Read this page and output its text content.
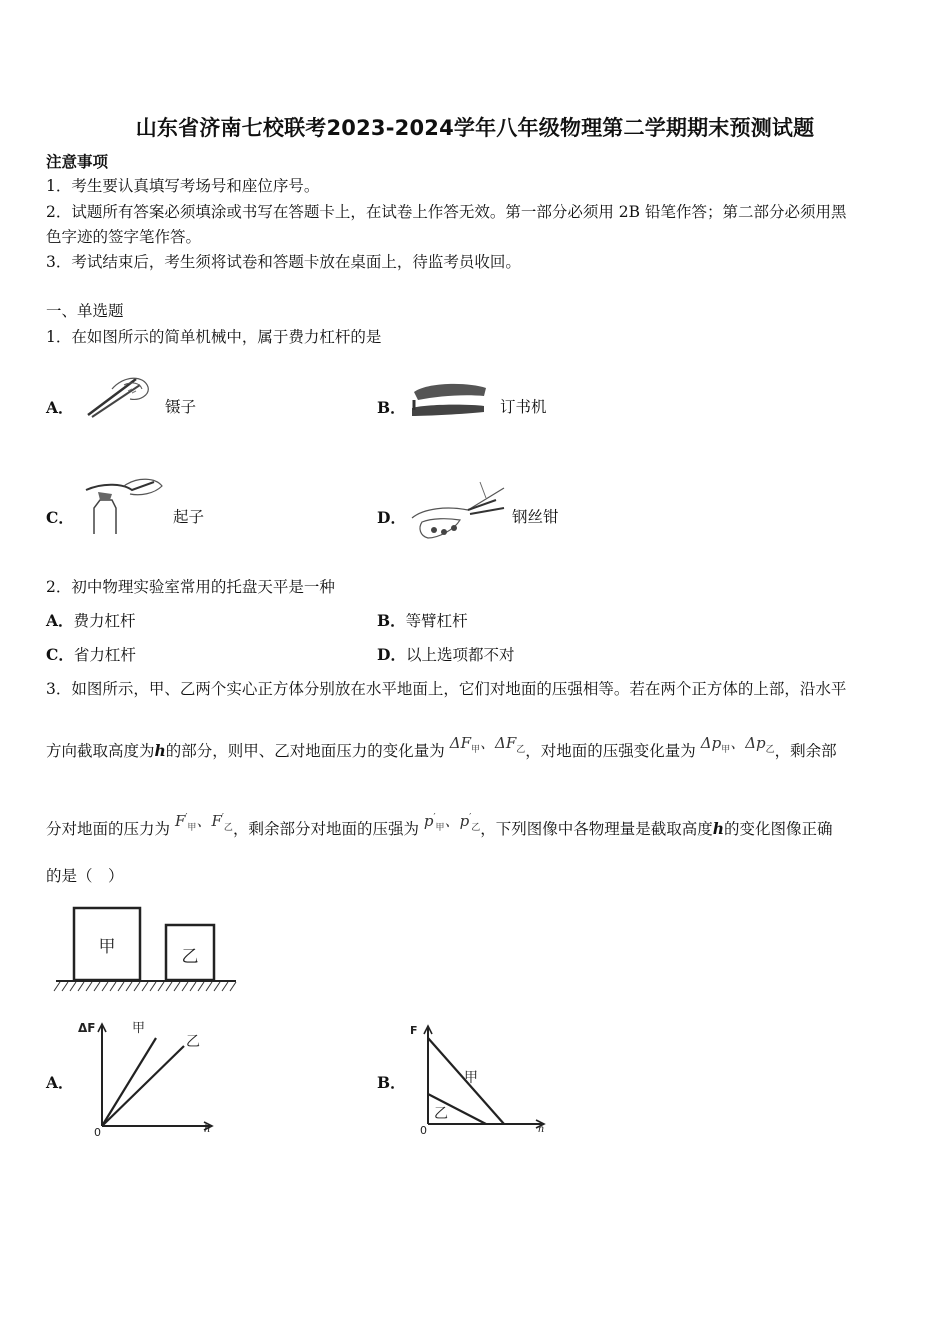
山东省济南七校联考2023-2024学年八年级物理第二学期期末预测试题
注意事项
1．考生要认真填写考场号和座位序号。
2．试题所有答案必须填涂或书写在答题卡上，在试卷上作答无效。第一部分必须用 2B 铅笔作答；第二部分必须用黑
色字迹的签字笔作答。
3．考试结束后，考生须将试卷和答题卡放在桌面上，待监考员收回。
一、单选题
1．在如图所示的简单机械中，属于费力杠杆的是
A．	镊子	B．	订书机
C．	起子	D．	钢丝钳
2．初中物理实验室常用的托盘天平是一种
A．费力杠杆	B．等臂杠杆
C．省力杠杆	D．以上选项都不对
3．如图所示，甲、乙两个实心正方体分别放在水平地面上，它们对地面的压强相等。若在两个正方体的上部，沿水平
方向截取高度为h的部分，则甲、乙对地面压力的变化量为 $\Delta F_甲$、$\Delta F_乙$，对地面的压强变化量为 $\Delta p_甲$、$\Delta p_乙$，剩余部
分对地面的压力为 $F'_甲$、$F'_乙$，剩余部分对地面的压强为 $p'_甲$、$p'_乙$，下列图像中各物理量是截取高度h的变化图像正确
的是（　）
甲	乙
A．
ΔF	甲
乙
0	h
B．
F
甲
乙
0	h
